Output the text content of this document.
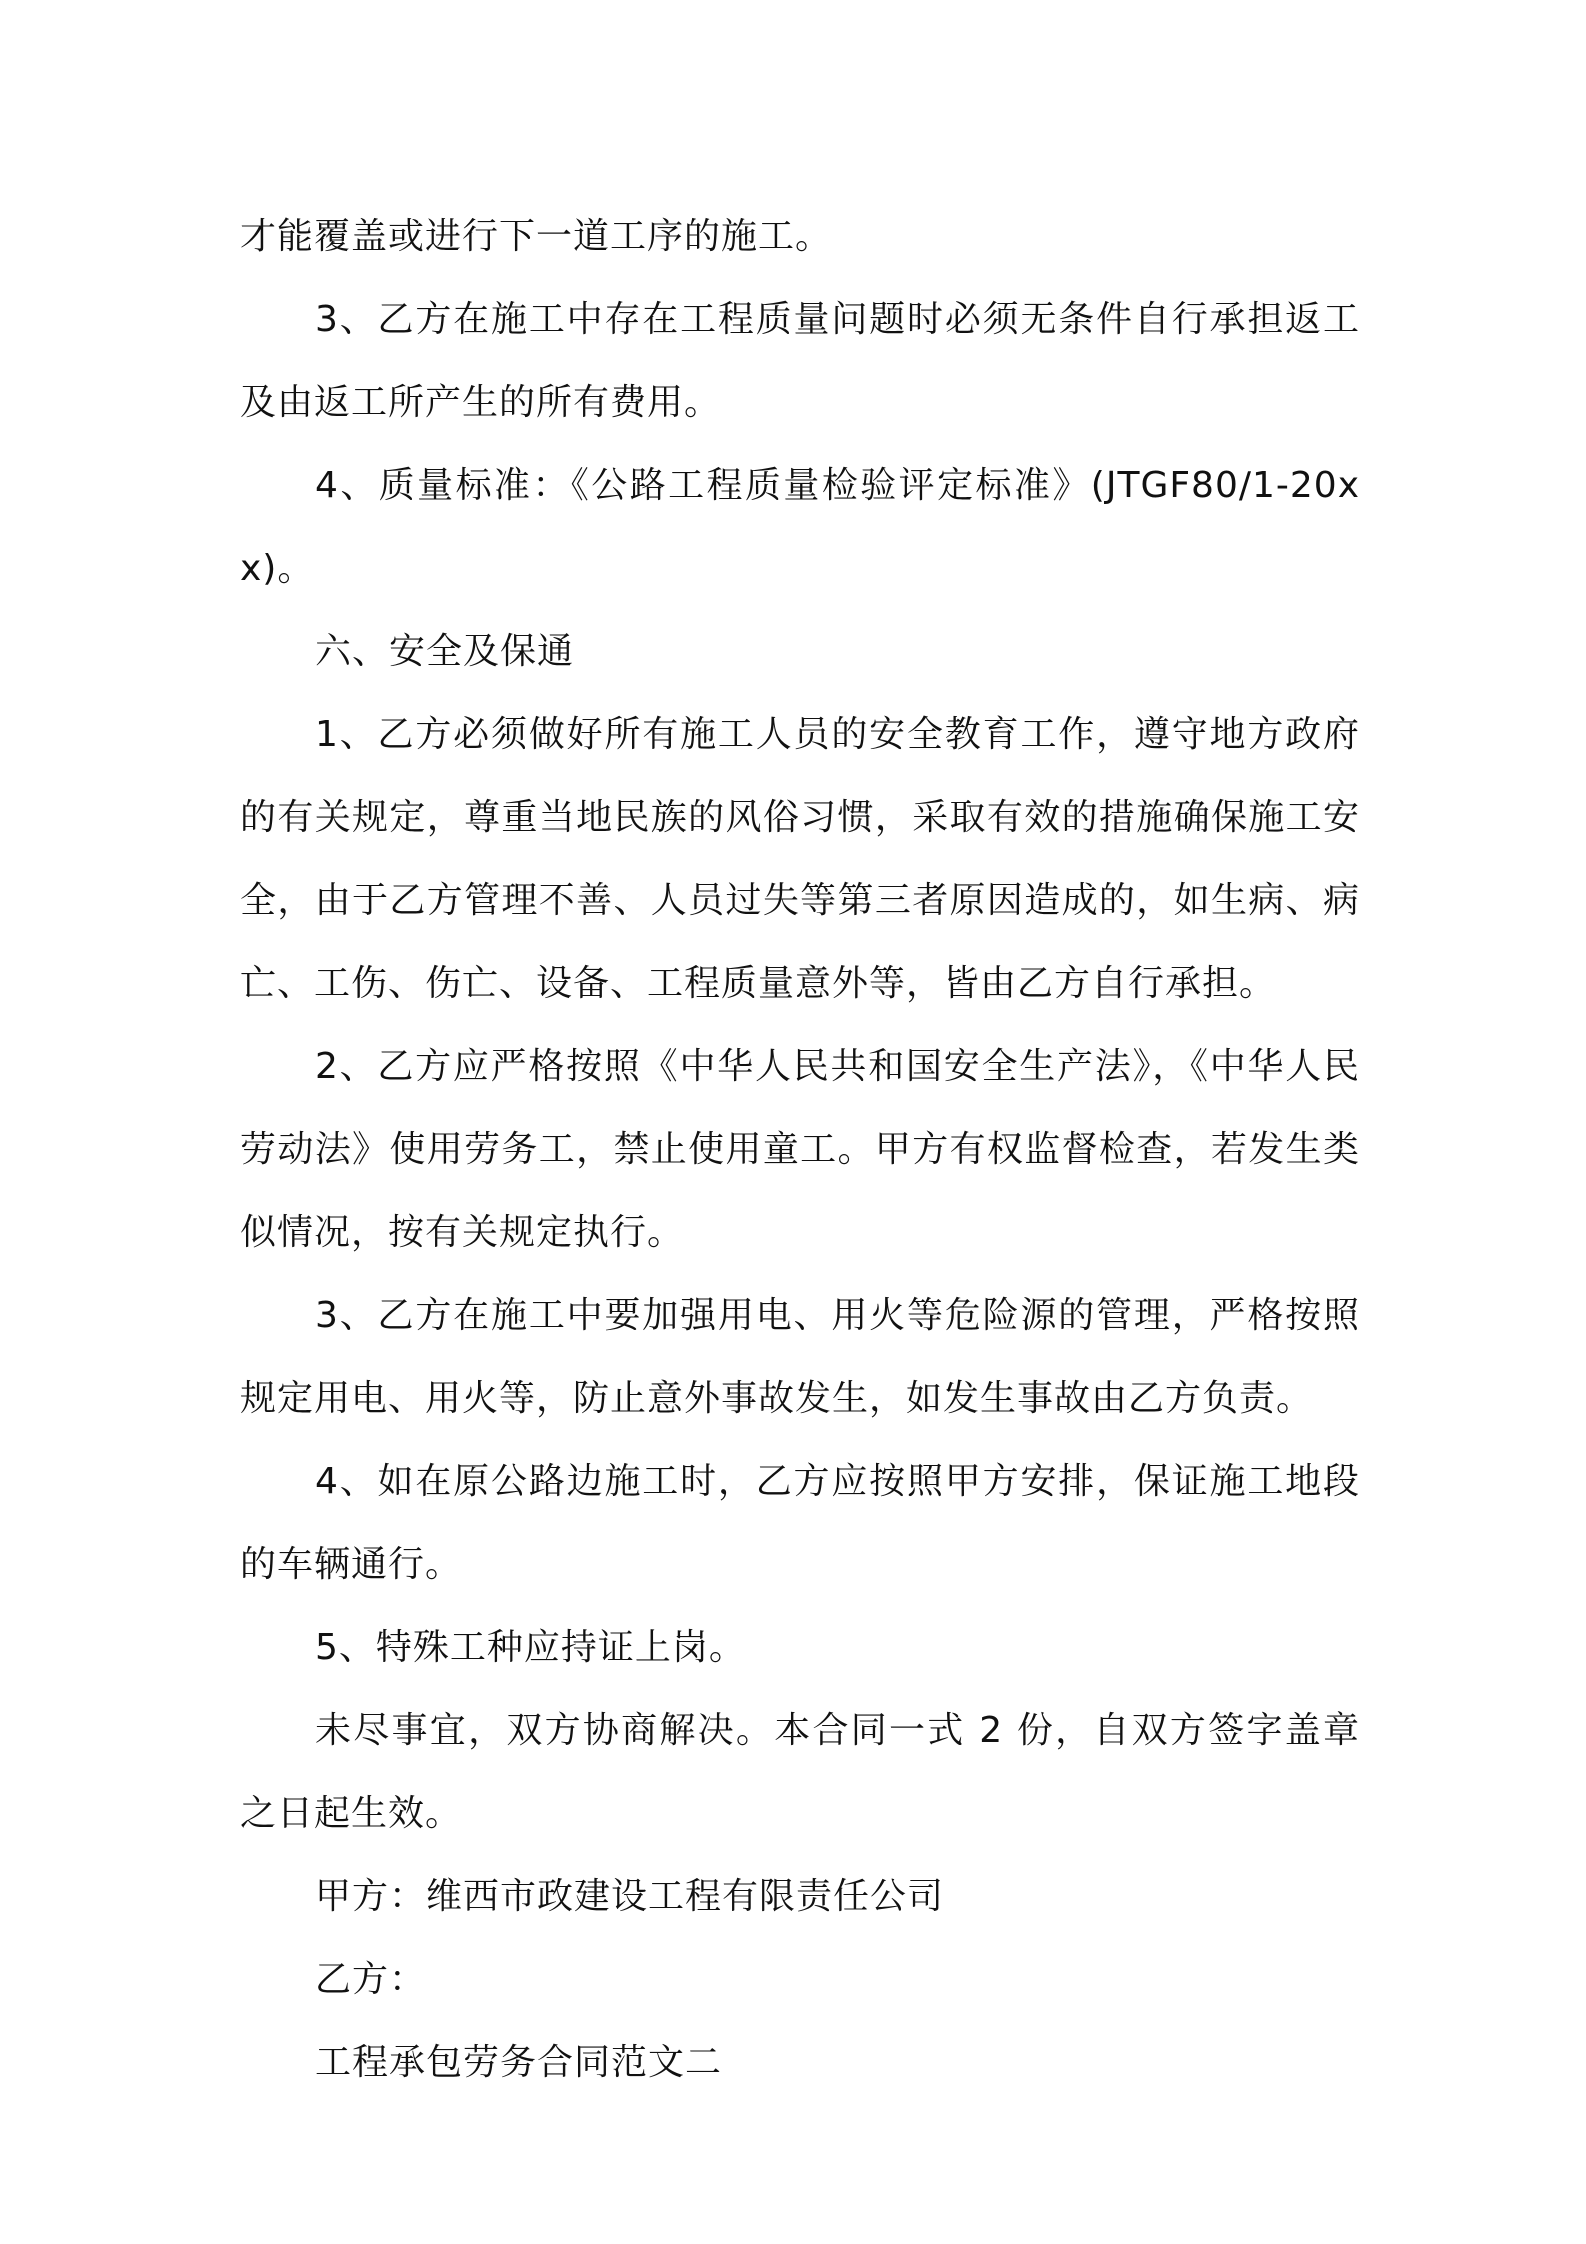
才能覆盖或进行下一道工序的施工。

3、乙方在施工中存在工程质量问题时必须无条件自行承担返工及由返工所产生的所有费用。

4、质量标准：《公路工程质量检验评定标准》(JTGF80/1-20xx)。

六、安全及保通

1、乙方必须做好所有施工人员的安全教育工作，遵守地方政府的有关规定，尊重当地民族的风俗习惯，采取有效的措施确保施工安全，由于乙方管理不善、人员过失等第三者原因造成的，如生病、病亡、工伤、伤亡、设备、工程质量意外等，皆由乙方自行承担。

2、乙方应严格按照《中华人民共和国安全生产法》，《中华人民劳动法》使用劳务工，禁止使用童工。甲方有权监督检查，若发生类似情况，按有关规定执行。

3、乙方在施工中要加强用电、用火等危险源的管理，严格按照规定用电、用火等，防止意外事故发生，如发生事故由乙方负责。

4、如在原公路边施工时，乙方应按照甲方安排，保证施工地段的车辆通行。

5、特殊工种应持证上岗。

未尽事宜，双方协商解决。本合同一式 2 份，自双方签字盖章之日起生效。

甲方：维西市政建设工程有限责任公司

乙方：

工程承包劳务合同范文二
